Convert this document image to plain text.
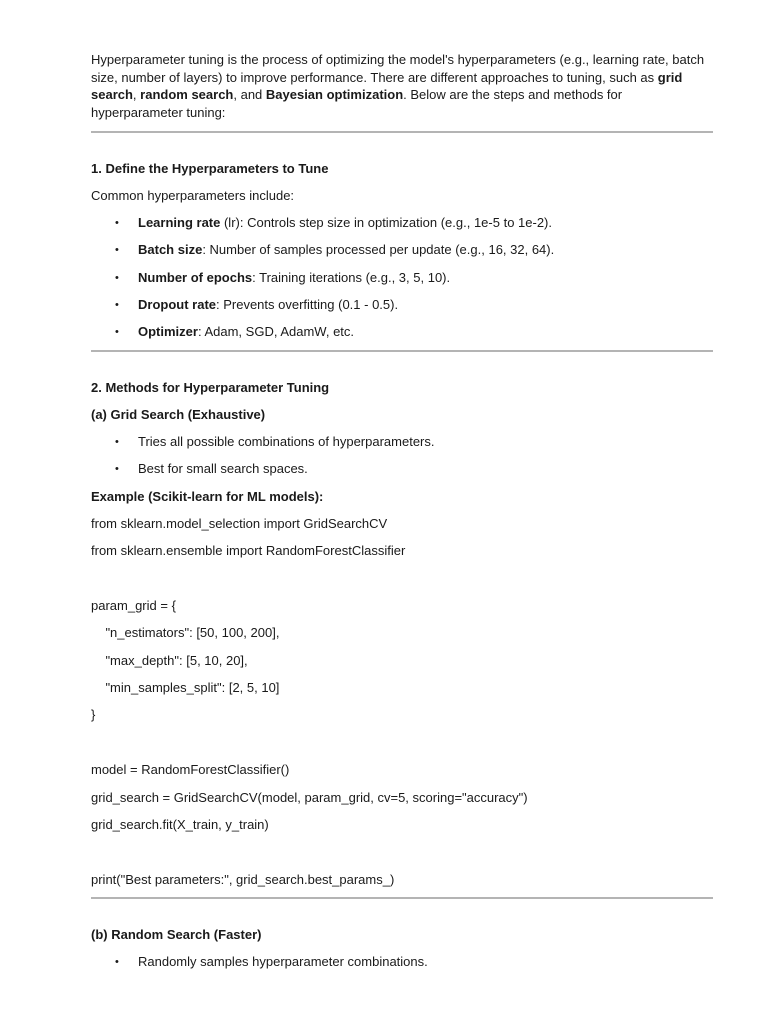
Hyperparameter tuning is the process of optimizing the model's hyperparameters (e.g., learning rate, batch size, number of layers) to improve performance. There are different approaches to tuning, such as grid search, random search, and Bayesian optimization. Below are the steps and methods for hyperparameter tuning:
1. Define the Hyperparameters to Tune
Common hyperparameters include:
•	Learning rate (lr): Controls step size in optimization (e.g., 1e-5 to 1e-2).
•	Batch size: Number of samples processed per update (e.g., 16, 32, 64).
•	Number of epochs: Training iterations (e.g., 3, 5, 10).
•	Dropout rate: Prevents overfitting (0.1 - 0.5).
•	Optimizer: Adam, SGD, AdamW, etc.
2. Methods for Hyperparameter Tuning
(a) Grid Search (Exhaustive)
•	Tries all possible combinations of hyperparameters.
•	Best for small search spaces.
Example (Scikit-learn for ML models):
from sklearn.model_selection import GridSearchCV
from sklearn.ensemble import RandomForestClassifier
param_grid = {
"n_estimators": [50, 100, 200],
"max_depth": [5, 10, 20],
"min_samples_split": [2, 5, 10]
}
model = RandomForestClassifier()
grid_search = GridSearchCV(model, param_grid, cv=5, scoring="accuracy")
grid_search.fit(X_train, y_train)
print("Best parameters:", grid_search.best_params_)
(b) Random Search (Faster)
•	Randomly samples hyperparameter combinations.
